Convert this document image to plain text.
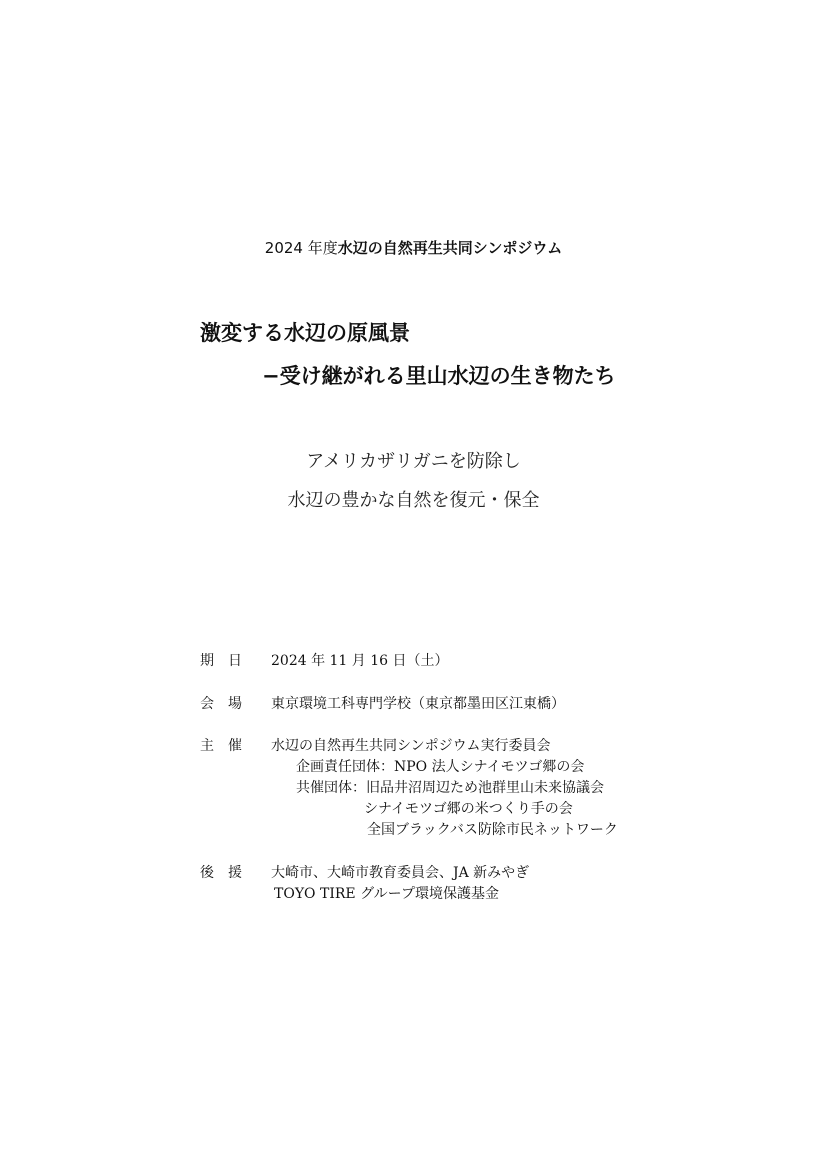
2024 年度水辺の自然再生共同シンポジウム
激変する水辺の原風景
−受け継がれる里山水辺の生き物たち
アメリカザリガニを防除し
水辺の豊かな自然を復元・保全
期 日	2024 年 11 月 16 日（土）
会 場	東京環境工科専門学校（東京都墨田区江東橋）
主 催	水辺の自然再生共同シンポジウム実行委員会
企画責任団体：NPO 法人シナイモツゴ郷の会
共催団体：旧品井沼周辺ため池群里山未来協議会
シナイモツゴ郷の米つくり手の会
全国ブラックバス防除市民ネットワーク
後 援	大崎市、大崎市教育委員会、JA 新みやぎ
TOYO TIRE グループ環境保護基金
